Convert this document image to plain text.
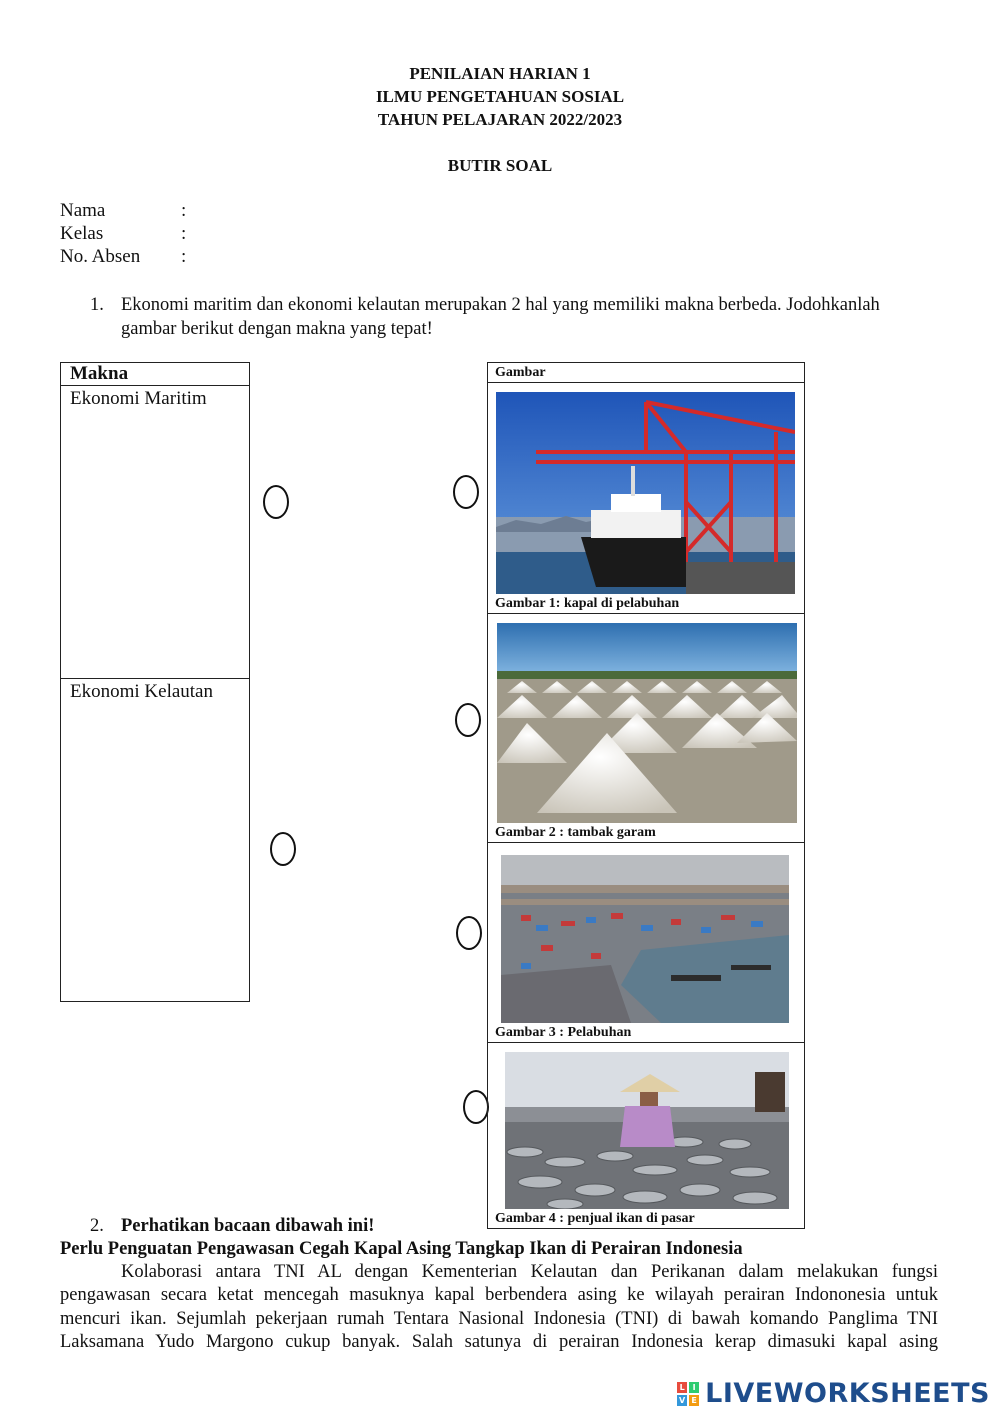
PENILAIAN HARIAN 1
ILMU PENGETAHUAN SOSIAL
TAHUN PELAJARAN 2022/2023
BUTIR SOAL
Nama	:
Kelas	:
No. Absen :
1. Ekonomi maritim dan ekonomi kelautan merupakan 2 hal yang memiliki makna berbeda. Jodohkanlah
gambar berikut dengan makna yang tepat!
Makna
Ekonomi Maritim
Ekonomi Kelautan
Gambar
Gambar 1: kapal di pelabuhan
Gambar 2 : tambak garam
Gambar 3 : Pelabuhan
Gambar 4 : penjual ikan di pasar
2. Perhatikan bacaan dibawah ini!
Perlu Penguatan Pengawasan Cegah Kapal Asing Tangkap Ikan di Perairan Indonesia
Kolaborasi antara TNI AL dengan Kementerian Kelautan dan Perikanan dalam melakukan fungsi
pengawasan secara ketat mencegah masuknya kapal berbendera asing ke wilayah perairan Indononesia untuk
mencuri ikan. Sejumlah pekerjaan rumah Tentara Nasional Indonesia (TNI) di bawah komando Panglima TNI
Laksamana Yudo Margono cukup banyak. Salah satunya di perairan Indonesia kerap dimasuki kapal asing
L I
V E LIVEWORKSHEETS
